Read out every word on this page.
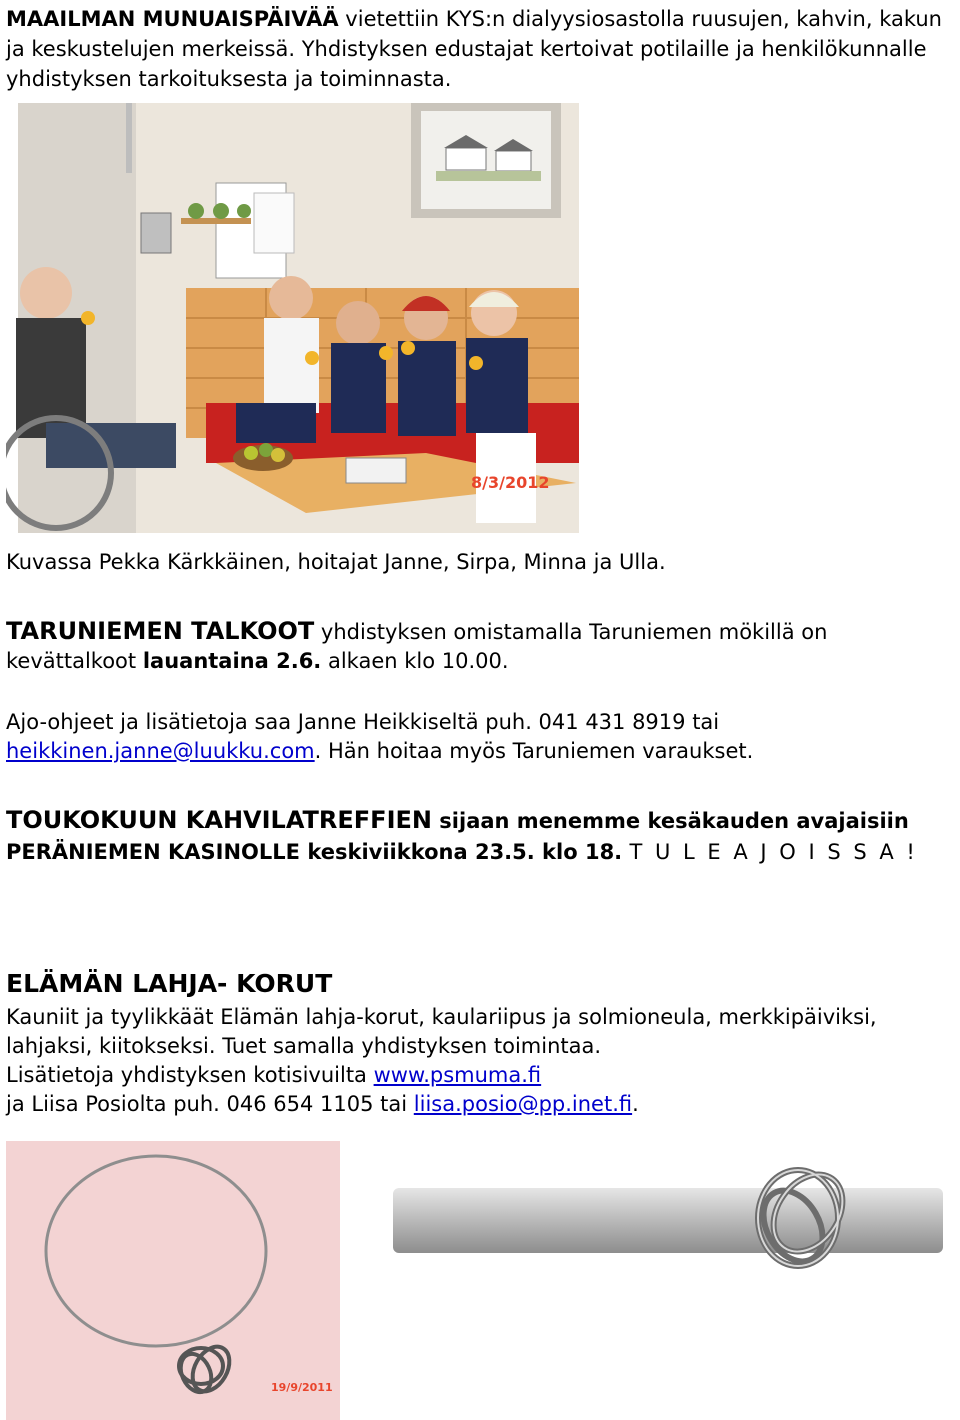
MAAILMAN MUNUAISPÄIVÄÄ vietettiin KYS:n dialyysiosastolla ruusujen, kahvin, kakun ja keskustelujen merkeissä. Yhdistyksen edustajat kertoivat potilaille ja henkilökunnalle yhdistyksen tarkoituksesta ja toiminnasta.

8/3/2012

Kuvassa Pekka Kärkkäinen, hoitajat Janne, Sirpa, Minna ja Ulla.

TARUNIEMEN TALKOOT yhdistyksen omistamalla Taruniemen mökillä on kevättalkoot lauantaina 2.6. alkaen klo 10.00.

Ajo-ohjeet ja lisätietoja saa Janne Heikkiseltä puh. 041 431 8919 tai heikkinen.janne@luukku.com. Hän hoitaa myös Taruniemen varaukset.

TOUKOKUUN KAHVILATREFFIEN sijaan menemme kesäkauden avajaisiin PERÄNIEMEN KASINOLLE keskiviikkona 23.5. klo 18. T U L E A J O I S S A !

ELÄMÄN LAHJA- KORUT

Kauniit ja tyylikkäät Elämän lahja-korut, kaulariipus ja solmioneula, merkkipäiviksi, lahjaksi, kiitokseksi. Tuet samalla yhdistyksen toimintaa.

Lisätietoja yhdistyksen kotisivuilta www.psmuma.fi

ja Liisa Posiolta puh. 046 654 1105 tai liisa.posio@pp.inet.fi.

19/9/2011
